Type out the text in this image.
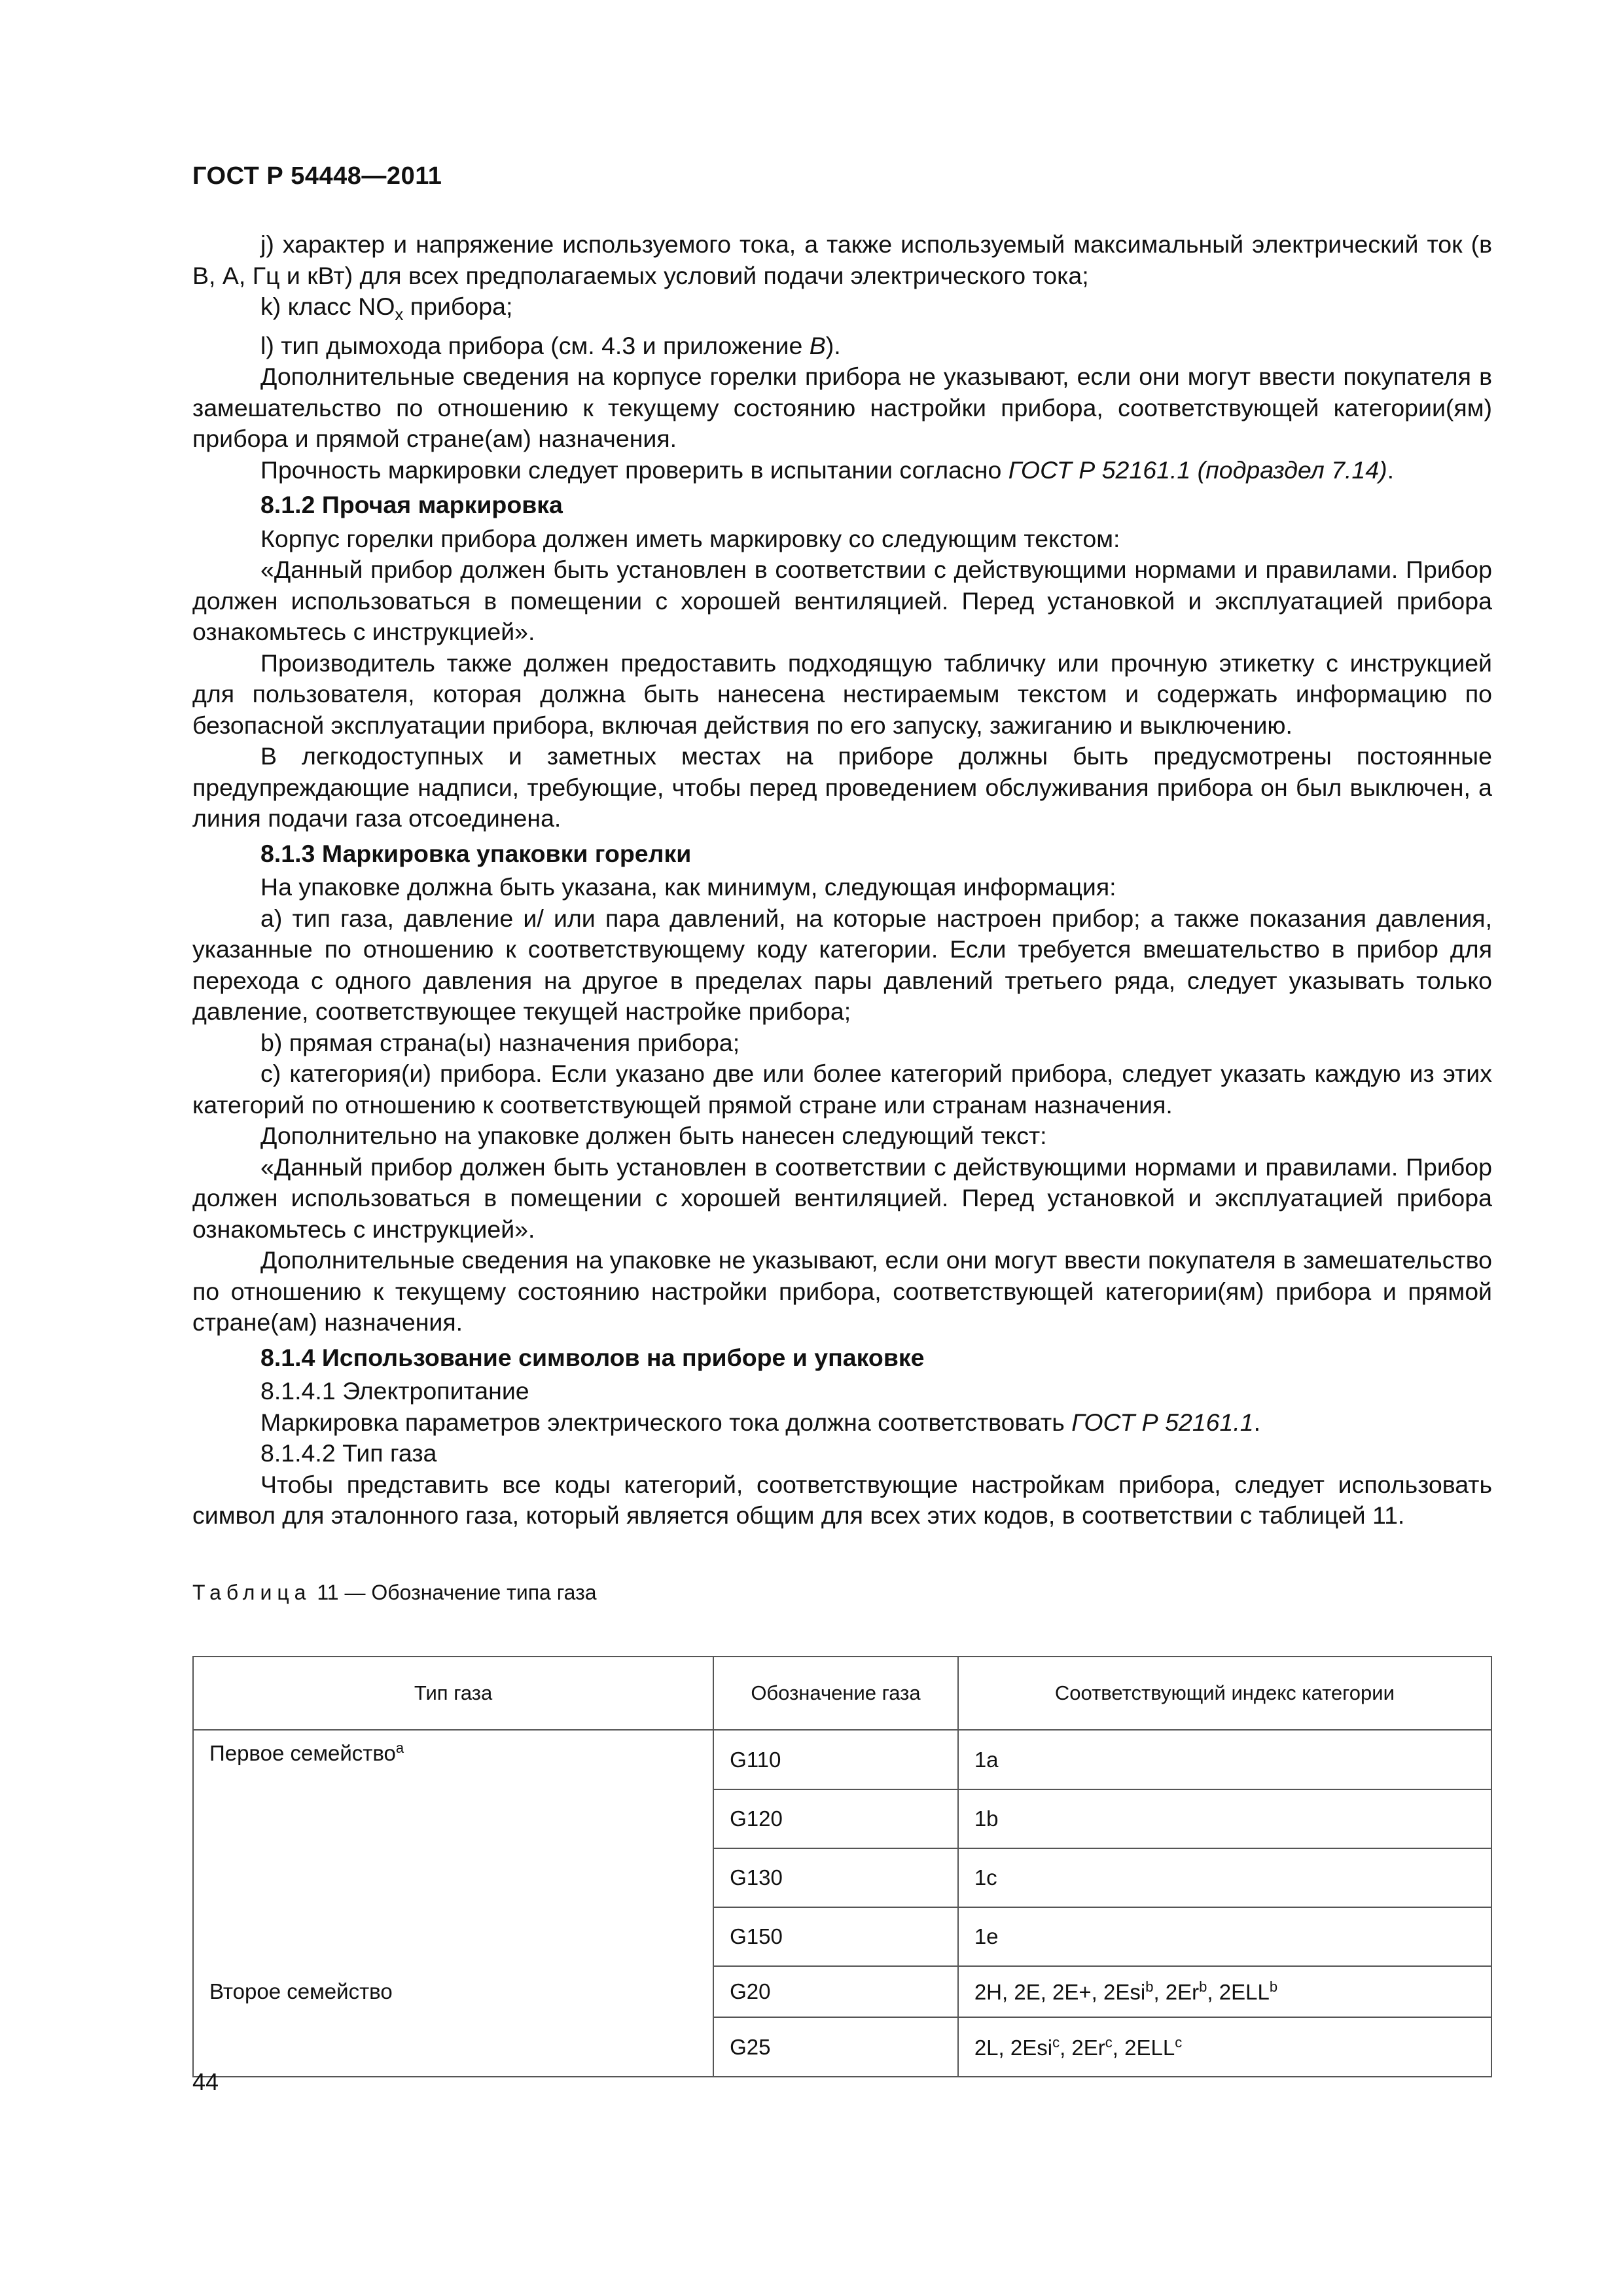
ГОСТ Р 54448—2011

j) характер и напряжение используемого тока, а также используемый максимальный электрический ток (в В, А, Гц и кВт) для всех предполагаемых условий подачи электрического тока;

k) класс $NO_x$ прибора;

l) тип дымохода прибора (см. 4.3 и приложение B).

Дополнительные сведения на корпусе горелки прибора не указывают, если они могут ввести покупателя в замешательство по отношению к текущему состоянию настройки прибора, соответствующей категории(ям) прибора и прямой стране(ам) назначения.

Прочность маркировки следует проверить в испытании согласно ГОСТ Р 52161.1 (подраздел 7.14).

8.1.2 Прочая маркировка

Корпус горелки прибора должен иметь маркировку со следующим текстом:

«Данный прибор должен быть установлен в соответствии с действующими нормами и правилами. Прибор должен использоваться в помещении с хорошей вентиляцией. Перед установкой и эксплуатацией прибора ознакомьтесь с инструкцией».

Производитель также должен предоставить подходящую табличку или прочную этикетку с инструкцией для пользователя, которая должна быть нанесена нестираемым текстом и содержать информацию по безопасной эксплуатации прибора, включая действия по его запуску, зажиганию и выключению.

В легкодоступных и заметных местах на приборе должны быть предусмотрены постоянные предупреждающие надписи, требующие, чтобы перед проведением обслуживания прибора он был выключен, а линия подачи газа отсоединена.

8.1.3 Маркировка упаковки горелки

На упаковке должна быть указана, как минимум, следующая информация:

а) тип газа, давление и/ или пара давлений, на которые настроен прибор; а также показания давления, указанные по отношению к соответствующему коду категории. Если требуется вмешательство в прибор для перехода с одного давления на другое в пределах пары давлений третьего ряда, следует указывать только давление, соответствующее текущей настройке прибора;

b) прямая страна(ы) назначения прибора;

c) категория(и) прибора. Если указано две или более категорий прибора, следует указать каждую из этих категорий по отношению к соответствующей прямой стране или странам назначения.

Дополнительно на упаковке должен быть нанесен следующий текст:

«Данный прибор должен быть установлен в соответствии с действующими нормами и правилами. Прибор должен использоваться в помещении с хорошей вентиляцией. Перед установкой и эксплуатацией прибора ознакомьтесь с инструкцией».

Дополнительные сведения на упаковке не указывают, если они могут ввести покупателя в замешательство по отношению к текущему состоянию настройки прибора, соответствующей категории(ям) прибора и прямой стране(ам) назначения.

8.1.4 Использование символов на приборе и упаковке

8.1.4.1 Электропитание

Маркировка параметров электрического тока должна соответствовать ГОСТ Р 52161.1.

8.1.4.2 Тип газа

Чтобы представить все коды категорий, соответствующие настройкам прибора, следует использовать символ для эталонного газа, который является общим для всех этих кодов, в соответствии с таблицей 11.

Таблица 11 — Обозначение типа газа

Тип газа	Обозначение газа	Соответствующий индекс категории
Первое семейство$^a$	G110	1a
	G120	1b
	G130	1c
	G150	1e
Второе семейство	G20	2H, 2E, 2E+, 2Esi$^b$, 2Er$^b$, 2ELL$^b$
	G25	2L, 2Esi$^c$, 2Er$^c$, 2ELL$^c$
44
